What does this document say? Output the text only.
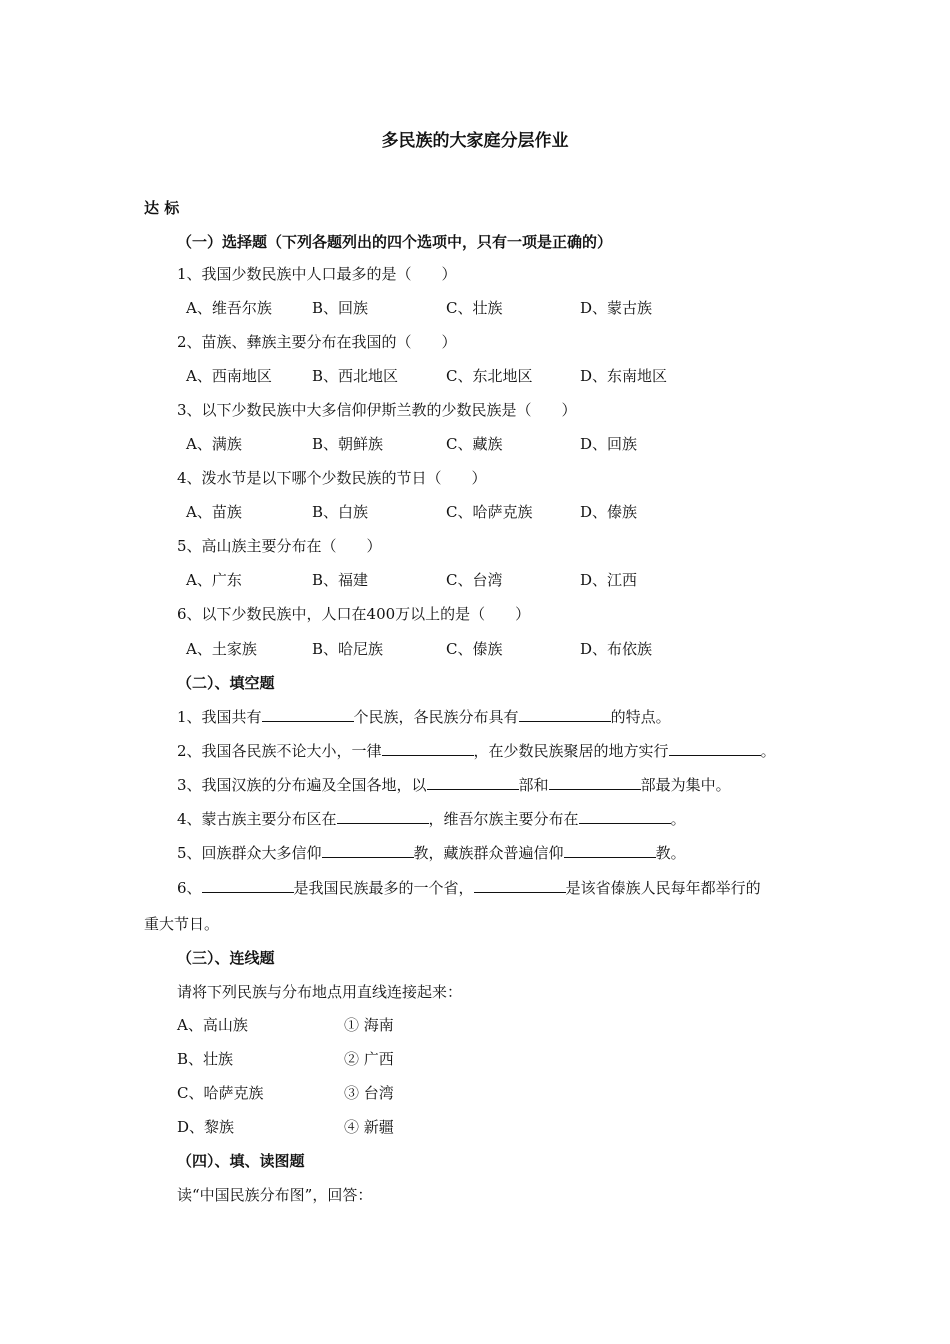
多民族的大家庭分层作业
达 标
（一）选择题（下列各题列出的四个选项中，只有一项是正确的）
1、我国少数民族中人口最多的是（　　）
A、维吾尔族	B、回族	C、壮族	D、蒙古族
2、苗族、彝族主要分布在我国的（　　）
A、西南地区	B、西北地区	C、东北地区	D、东南地区
3、以下少数民族中大多信仰伊斯兰教的少数民族是（　　）
A、满族	B、朝鲜族	C、藏族	D、回族
4、泼水节是以下哪个少数民族的节日（　　）
A、苗族	B、白族	C、哈萨克族	D、傣族
5、高山族主要分布在（　　）
A、广东	B、福建	C、台湾	D、江西
6、以下少数民族中，人口在400万以上的是（　　）
A、土家族	B、哈尼族	C、傣族	D、布依族
（二）、填空题
1、我国共有	个民族，各民族分布具有	的特点。
2、我国各民族不论大小，一律	，在少数民族聚居的地方实行	。
3、我国汉族的分布遍及全国各地，以	部和	部最为集中。
4、蒙古族主要分布区在	，维吾尔族主要分布在	。
5、回族群众大多信仰	教，藏族群众普遍信仰	教。
6、	是我国民族最多的一个省，	是该省傣族人民每年都举行的
重大节日。
（三）、连线题
请将下列民族与分布地点用直线连接起来：
A、高山族	① 海南
B、壮族	② 广西
C、哈萨克族	③ 台湾
D、黎族	④ 新疆
（四）、填、读图题
读“中国民族分布图”，回答：
